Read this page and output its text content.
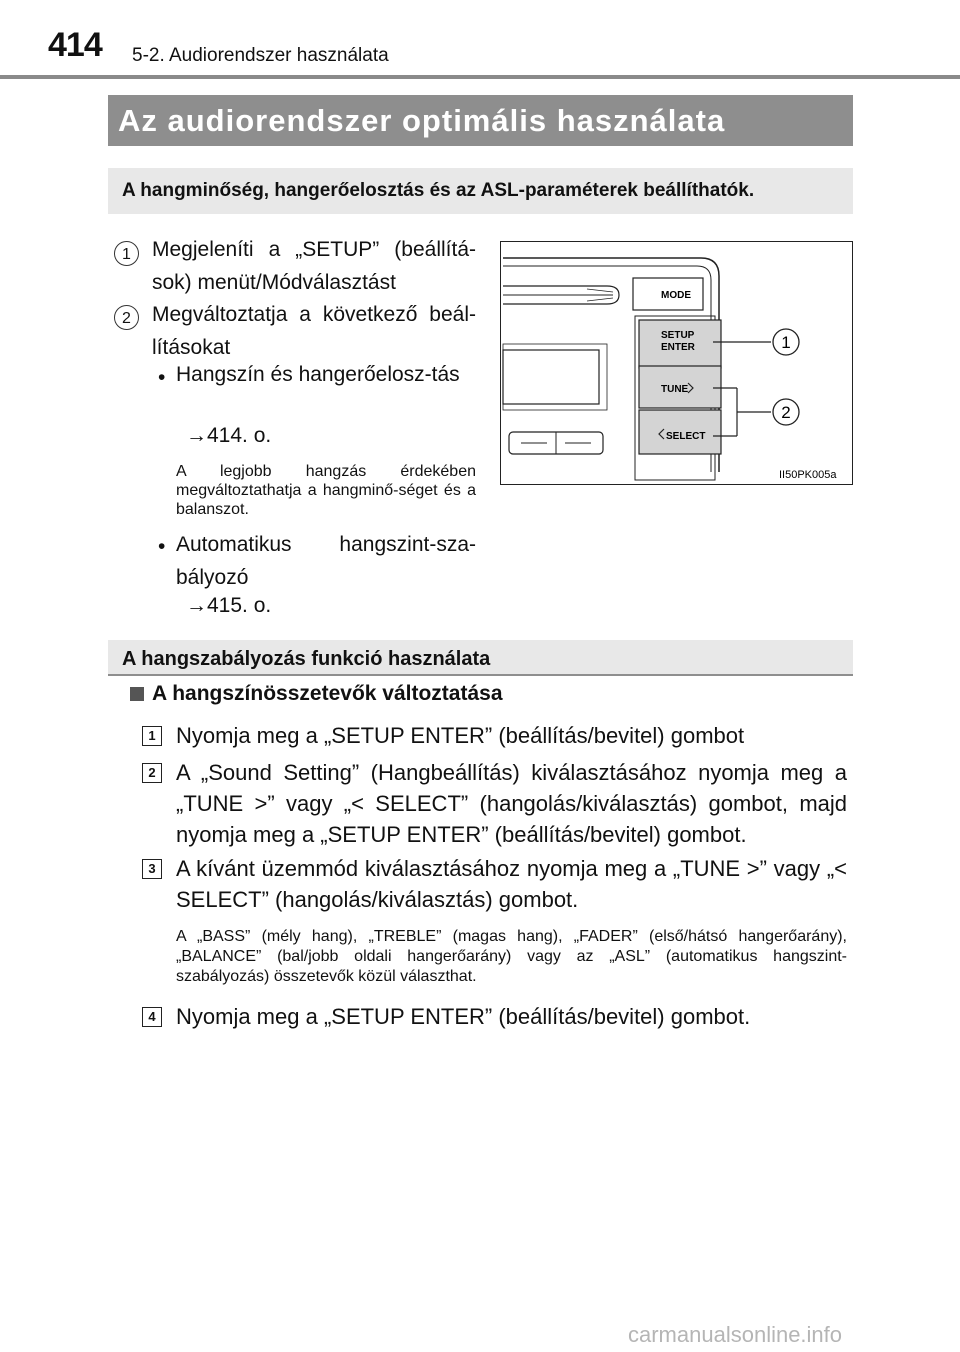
414 5-2. Audiorendszer használata
Az audiorendszer optimális használata
A hangminőség, hangerőelosztás és az ASL-paraméterek beállíthatók.
1	Megjeleníti a „SETUP” (beállítá-sok) menüt/Módválasztást
2	Megváltoztatja a következő beál-lításokat
• Hangszín és hangerőelosz-tás
→414. o.
A legjobb hangzás érdekében megváltoztathatja a hangminő-séget és a balanszot.
• Automatikus hangszint-sza-bályozó
→415. o.
MODE
SETUP
ENTER
TUNE
SELECT
1
2
II50PK005a
A hangszabályozás funkció használata
A hangszínösszetevők változtatása
1 Nyomja meg a „SETUP ENTER” (beállítás/bevitel) gombot
2 A „Sound Setting” (Hangbeállítás) kiválasztásához nyomja meg a „TUNE >” vagy „< SELECT” (hangolás/kiválasztás) gombot, majd nyomja meg a „SETUP ENTER” (beállítás/bevitel) gombot.
3 A kívánt üzemmód kiválasztásához nyomja meg a „TUNE >” vagy „< SELECT” (hangolás/kiválasztás) gombot.
A „BASS” (mély hang), „TREBLE” (magas hang), „FADER” (első/hátsó hangerőarány), „BALANCE” (bal/jobb oldali hangerőarány) vagy az „ASL” (automatikus hangszint-szabályozás) összetevők közül választhat.
4 Nyomja meg a „SETUP ENTER” (beállítás/bevitel) gombot.
carmanualsonline.info
